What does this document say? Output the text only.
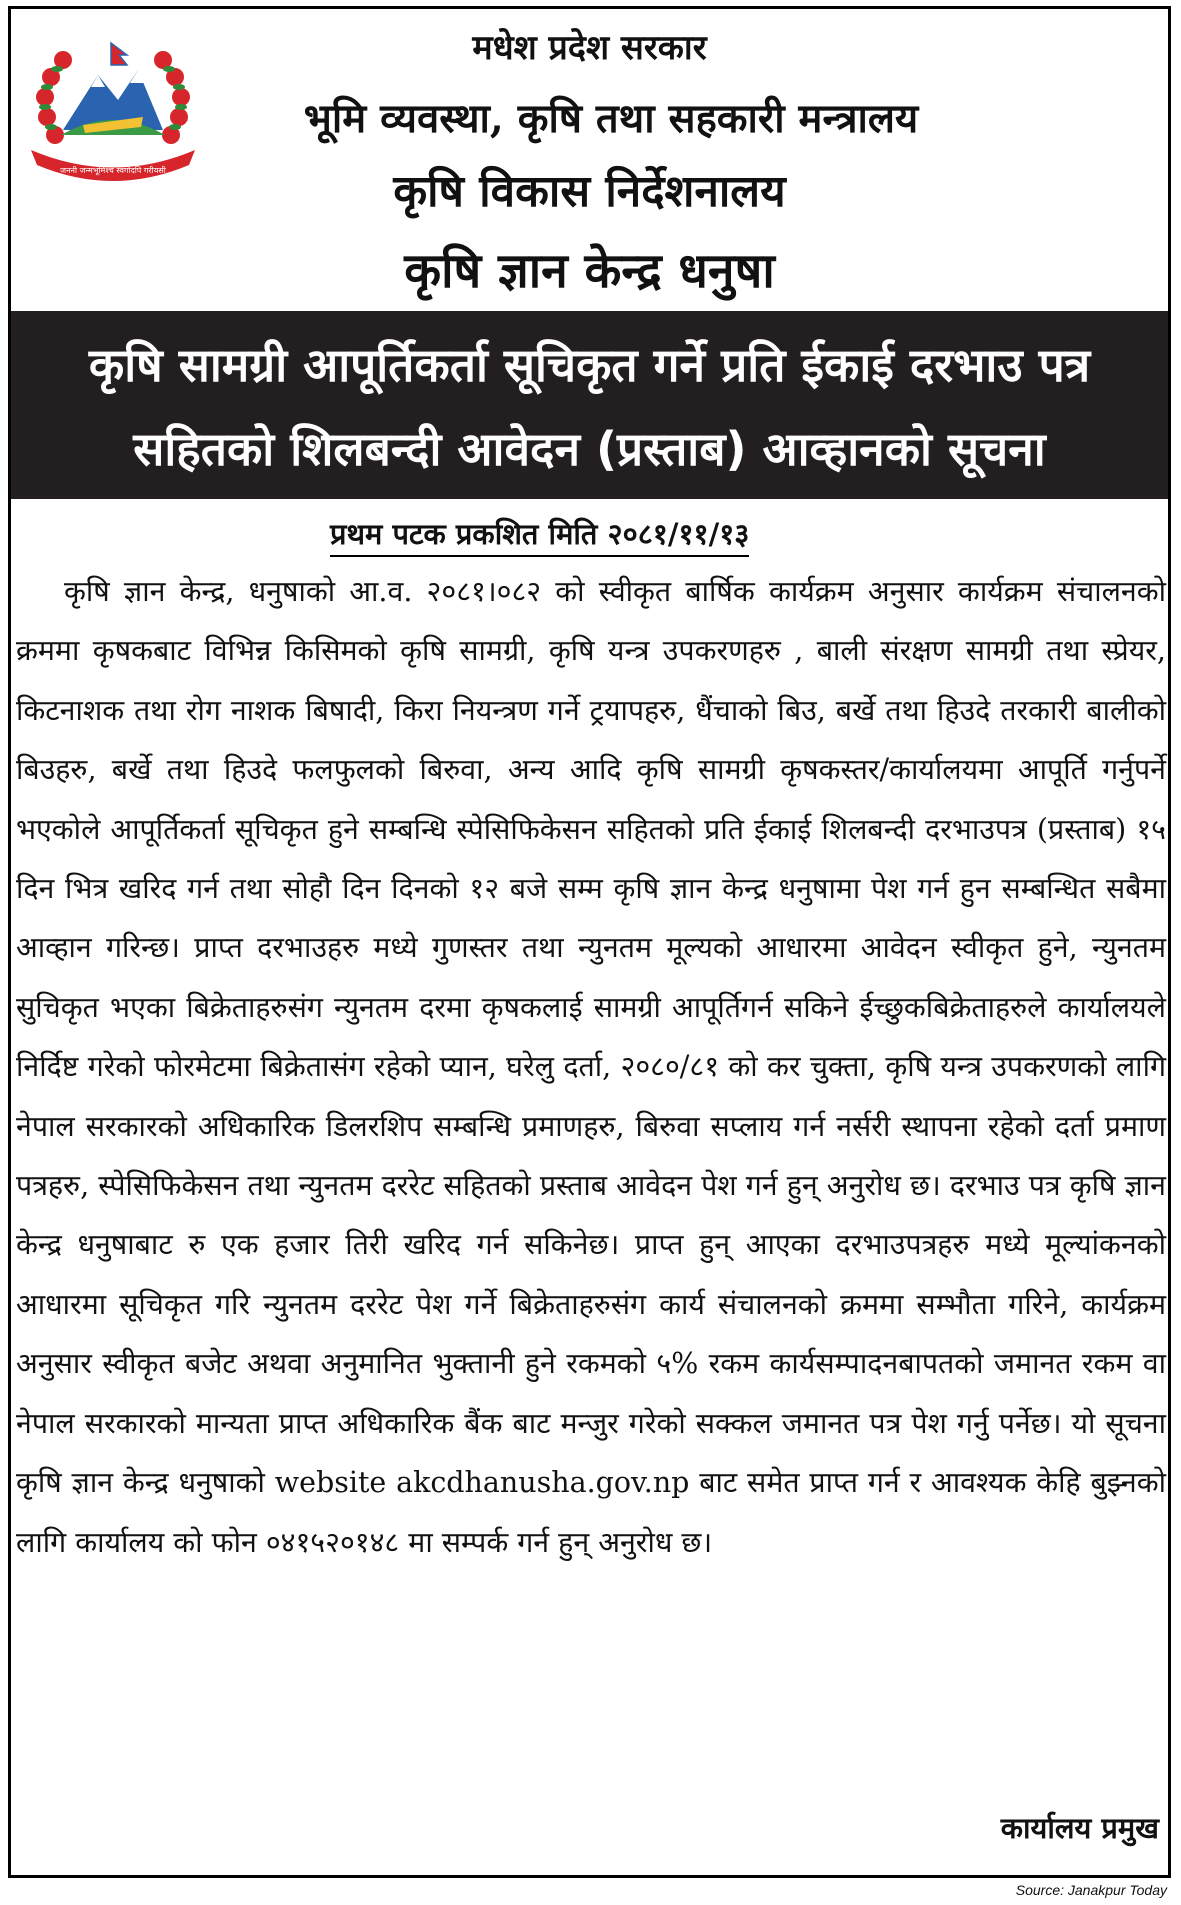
जननी जन्मभूमिश्च स्वर्गादपि गरीयसी
मधेश प्रदेश सरकार
भूमि व्यवस्था, कृषि तथा सहकारी मन्त्रालय
कृषि विकास निर्देशनालय
कृषि ज्ञान केन्द्र धनुषा
कृषि सामग्री आपूर्तिकर्ता सूचिकृत गर्ने प्रति ईकाई दरभाउ पत्र
सहितको शिलबन्दी आवेदन (प्रस्ताब) आव्हानको सूचना
प्रथम पटक प्रकशित मिति २०८१/११/१३
कृषि ज्ञान केन्द्र, धनुषाको आ.व. २०८१।०८२ को स्वीकृत बार्षिक कार्यक्रम अनुसार कार्यक्रम संचालनको क्रममा कृषकबाट विभिन्न किसिमको कृषि सामग्री, कृषि यन्त्र उपकरणहरु , बाली संरक्षण सामग्री तथा स्प्रेयर, किटनाशक तथा रोग नाशक बिषादी, किरा नियन्त्रण गर्ने ट्रयापहरु, धैंचाको बिउ, बर्खे तथा हिउदे तरकारी बालीको बिउहरु, बर्खे तथा हिउदे फलफुलको बिरुवा, अन्य आदि कृषि सामग्री कृषकस्तर/कार्यालयमा आपूर्ति गर्नुपर्ने भएकोले आपूर्तिकर्ता सूचिकृत हुने सम्बन्धि स्पेसिफिकेसन सहितको प्रति ईकाई शिलबन्दी दरभाउपत्र (प्रस्ताब) १५ दिन भित्र खरिद गर्न तथा सोहौ दिन दिनको १२ बजे सम्म कृषि ज्ञान केन्द्र धनुषामा पेश गर्न हुन सम्बन्धित सबैमा आव्हान गरिन्छ। प्राप्त दरभाउहरु मध्ये गुणस्तर तथा न्युनतम मूल्यको आधारमा आवेदन स्वीकृत हुने, न्युनतम सुचिकृत भएका बिक्रेताहरुसंग न्युनतम दरमा कृषकलाई सामग्री आपूर्तिगर्न सकिने ईच्छुकबिक्रेताहरुले कार्यालयले निर्दिष्ट गरेको फोरमेटमा बिक्रेतासंग रहेको प्यान, घरेलु दर्ता, २०८०/८१ को कर चुक्ता, कृषि यन्त्र उपकरणको लागि नेपाल सरकारको अधिकारिक डिलरशिप सम्बन्धि प्रमाणहरु, बिरुवा सप्लाय गर्न नर्सरी स्थापना रहेको दर्ता प्रमाण पत्रहरु, स्पेसिफिकेसन तथा न्युनतम दररेट सहितको प्रस्ताब आवेदन पेश गर्न हुन् अनुरोध छ। दरभाउ पत्र कृषि ज्ञान केन्द्र धनुषाबाट रु एक हजार तिरी खरिद गर्न सकिनेछ। प्राप्त हुन् आएका दरभाउपत्रहरु मध्ये मूल्यांकनको आधारमा सूचिकृत गरि न्युनतम दररेट पेश गर्ने बिक्रेताहरुसंग कार्य संचालनको क्रममा सम्भौता गरिने, कार्यक्रम अनुसार स्वीकृत बजेट अथवा अनुमानित भुक्तानी हुने रकमको ५% रकम कार्यसम्पादनबापतको जमानत रकम वा नेपाल सरकारको मान्यता प्राप्त अधिकारिक बैंक बाट मन्जुर गरेको सक्कल जमानत पत्र पेश गर्नु पर्नेछ। यो सूचना कृषि ज्ञान केन्द्र धनुषाको website akcdhanusha.gov.np बाट समेत प्राप्त गर्न र आवश्यक केहि बुझ्नको लागि कार्यालय को फोन ०४१५२०१४८ मा सम्पर्क गर्न हुन् अनुरोध छ।
कार्यालय प्रमुख
Source: Janakpur Today
